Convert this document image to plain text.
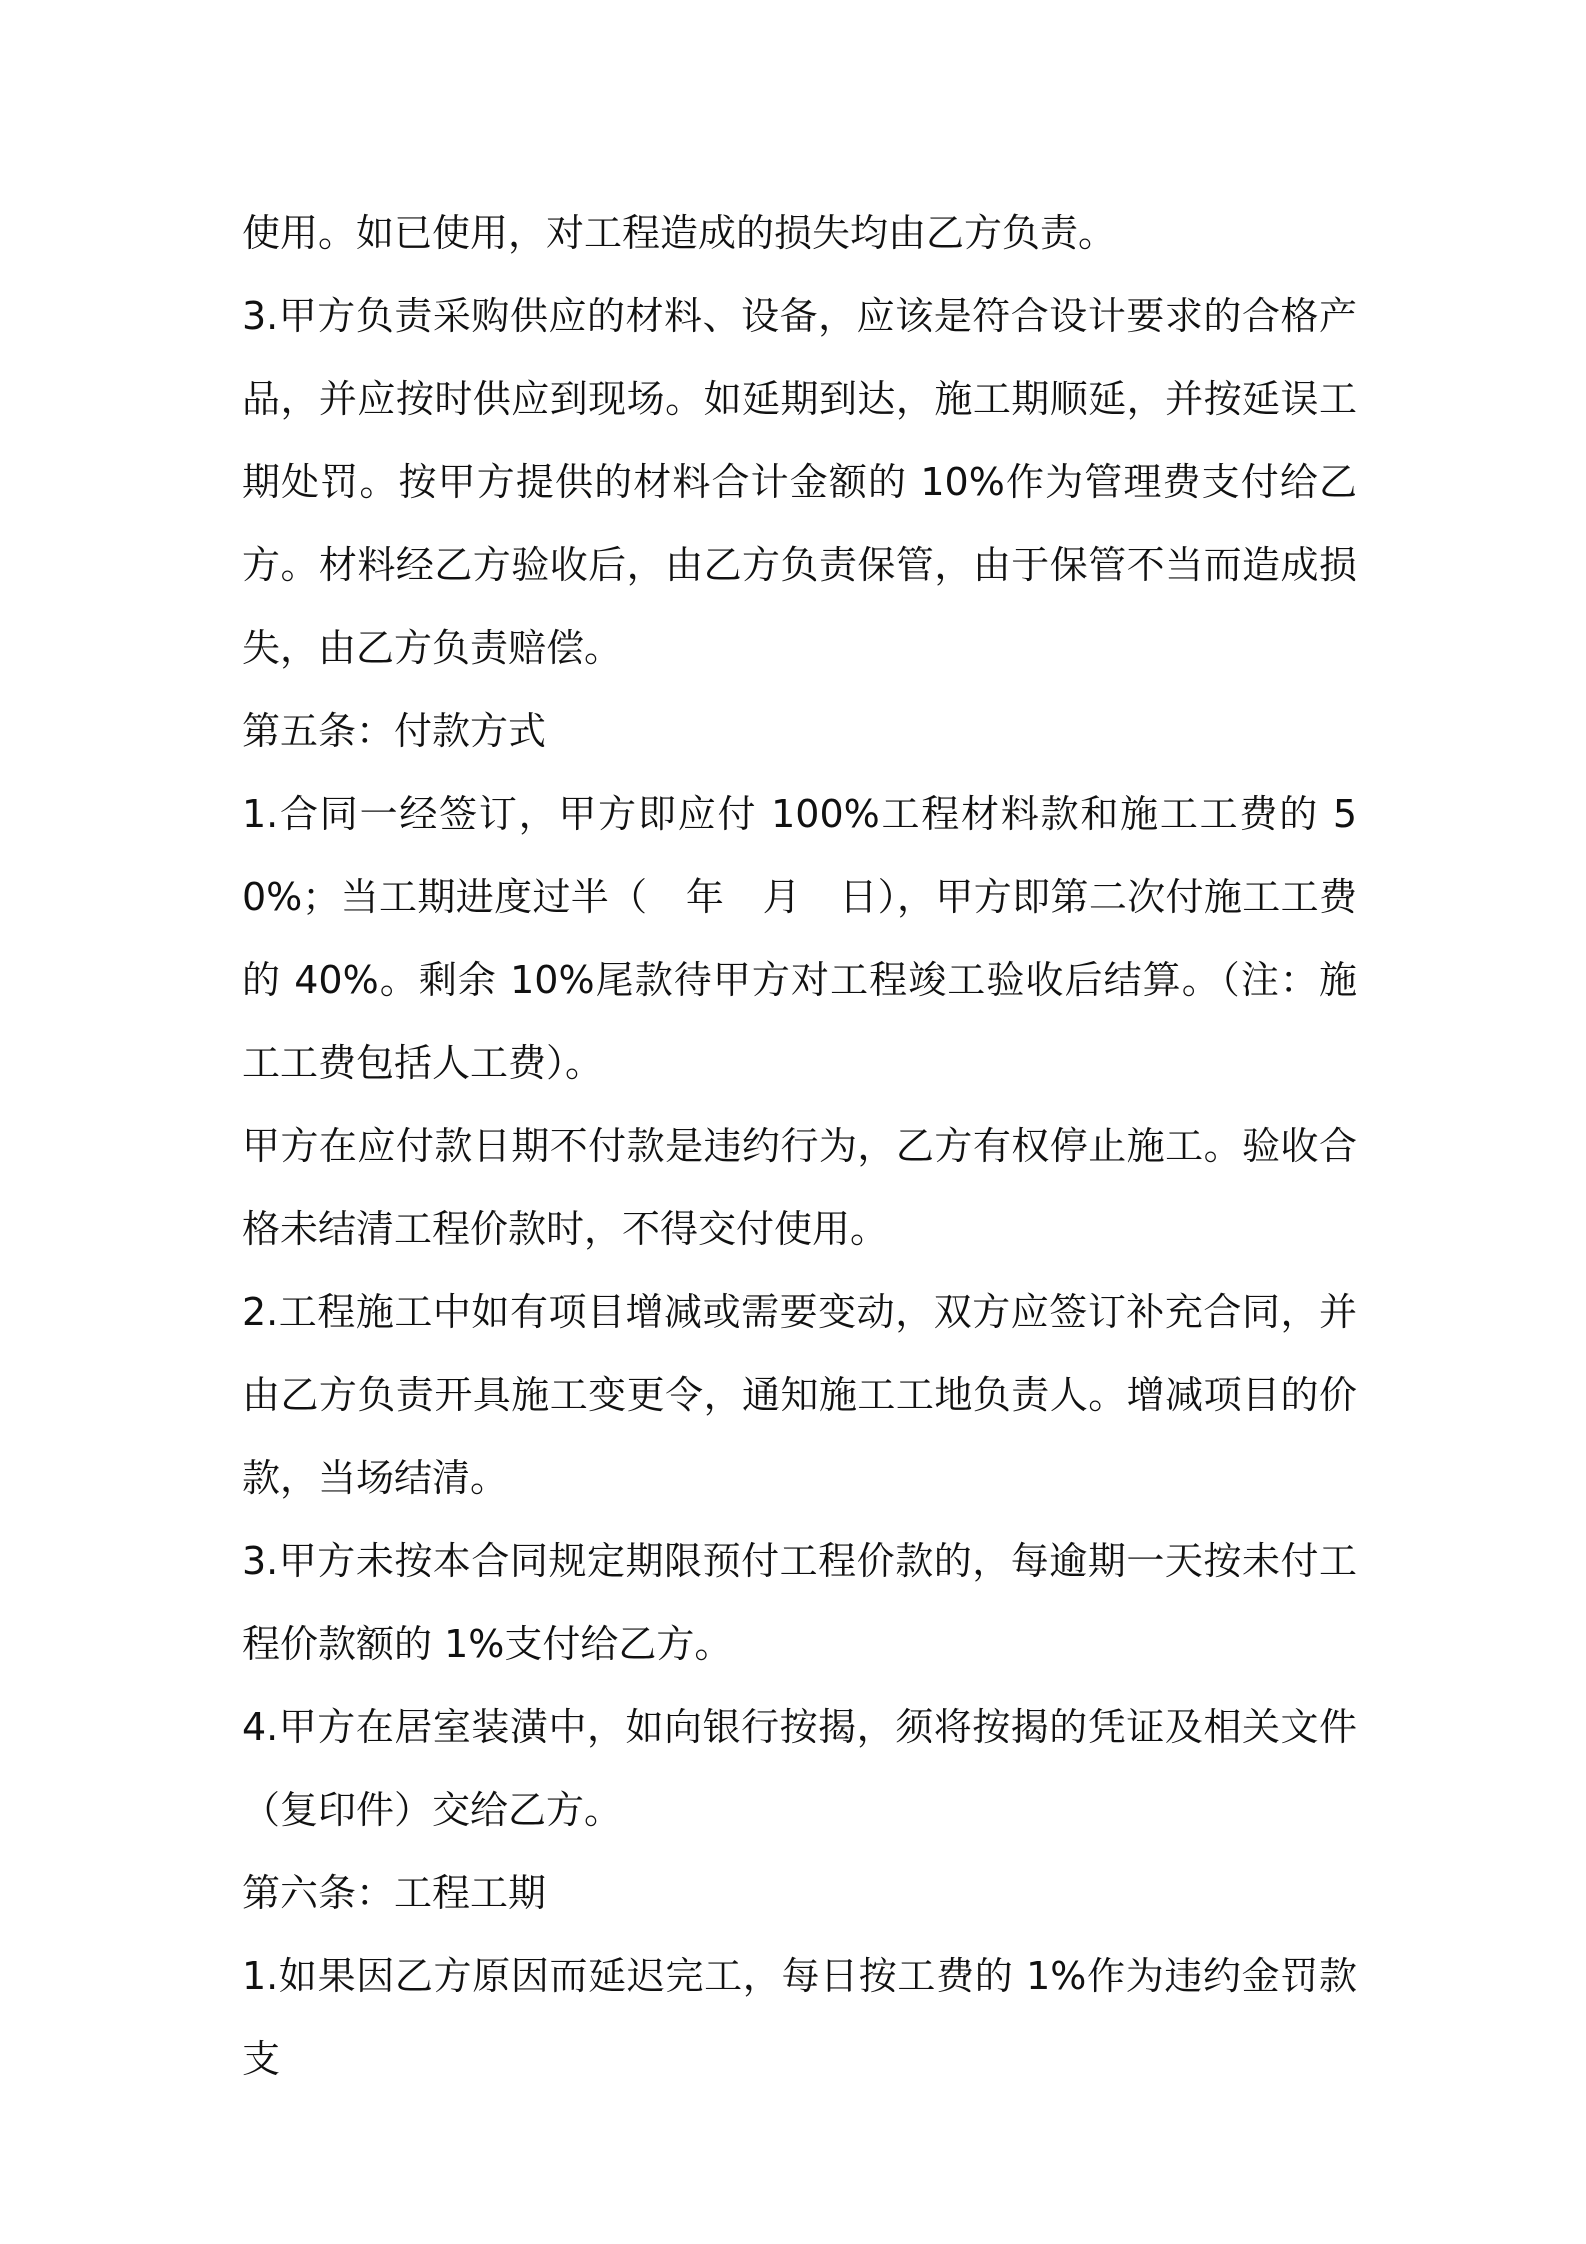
使用。如已使用，对工程造成的损失均由乙方负责。

3.甲方负责采购供应的材料、设备，应该是符合设计要求的合格产品，并应按时供应到现场。如延期到达，施工期顺延，并按延误工期处罚。按甲方提供的材料合计金额的 10%作为管理费支付给乙方。材料经乙方验收后，由乙方负责保管，由于保管不当而造成损失，由乙方负责赔偿。

第五条：付款方式

1.合同一经签订，甲方即应付 100%工程材料款和施工工费的 50%；当工期进度过半（　年　月　日），甲方即第二次付施工工费的 40%。剩余 10%尾款待甲方对工程竣工验收后结算。（注：施工工费包括人工费）。

甲方在应付款日期不付款是违约行为，乙方有权停止施工。验收合格未结清工程价款时，不得交付使用。

2.工程施工中如有项目增减或需要变动，双方应签订补充合同，并由乙方负责开具施工变更令，通知施工工地负责人。增减项目的价款，当场结清。

3.甲方未按本合同规定期限预付工程价款的，每逾期一天按未付工程价款额的 1%支付给乙方。

4.甲方在居室装潢中，如向银行按揭，须将按揭的凭证及相关文件（复印件）交给乙方。

第六条：工程工期

1.如果因乙方原因而延迟完工，每日按工费的 1%作为违约金罚款支
